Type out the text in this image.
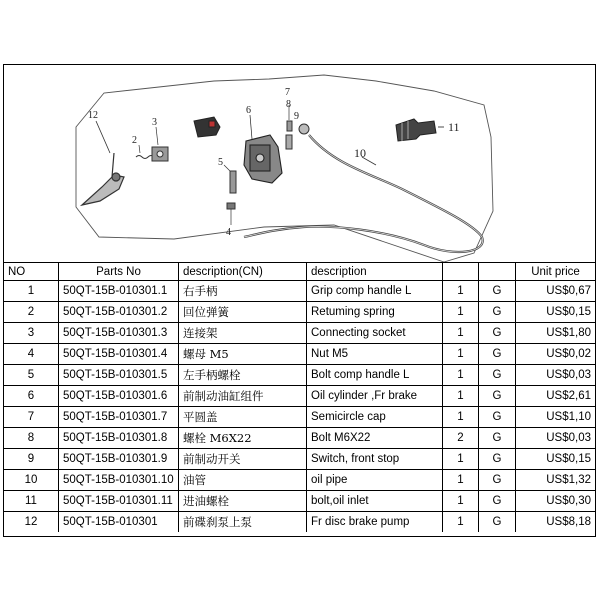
12
2
3
6
7
8
9
10
11
5
4
NO	Parts No	description(CN)	description			Unit price
1	50QT-15B-010301.1	右手柄	Grip comp handle L	1	G	US$0,67
2	50QT-15B-010301.2	回位弹簧	Retuming spring	1	G	US$0,15
3	50QT-15B-010301.3	连接架	Connecting socket	1	G	US$1,80
4	50QT-15B-010301.4	螺母 M5	Nut M5	1	G	US$0,02
5	50QT-15B-010301.5	左手柄螺栓	Bolt comp handle L	1	G	US$0,03
6	50QT-15B-010301.6	前制动油缸组件	Oil cylinder ,Fr brake	1	G	US$2,61
7	50QT-15B-010301.7	平圆盖	Semicircle cap	1	G	US$1,10
8	50QT-15B-010301.8	螺栓 M6X22	Bolt M6X22	2	G	US$0,03
9	50QT-15B-010301.9	前制动开关	Switch, front stop	1	G	US$0,15
10	50QT-15B-010301.10	油管	oil pipe	1	G	US$1,32
11	50QT-15B-010301.11	进油螺栓	bolt,oil inlet	1	G	US$0,30
12	50QT-15B-010301	前碟刹泵上泵	Fr disc brake pump	1	G	US$8,18
